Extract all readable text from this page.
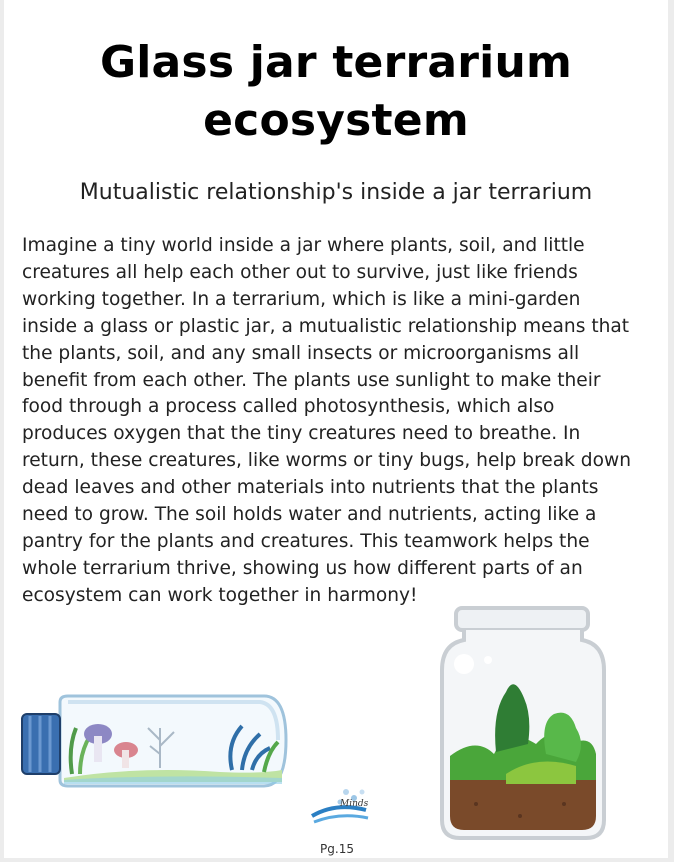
Glass jar terrarium
ecosystem
Mutualistic relationship's inside a jar terrarium
Imagine a tiny world inside a jar where plants, soil, and little
creatures all help each other out to survive, just like friends
working together. In a terrarium, which is like a mini-garden
inside a glass or plastic jar, a mutualistic relationship means that
the plants, soil, and any small insects or microorganisms all
benefit from each other. The plants use sunlight to make their
food through a process called photosynthesis, which also
produces oxygen that the tiny creatures need to breathe. In
return, these creatures, like worms or tiny bugs, help break down
dead leaves and other materials into nutrients that the plants
need to grow. The soil holds water and nutrients, acting like a
pantry for the plants and creatures. This teamwork helps the
whole terrarium thrive, showing us how different parts of an
ecosystem can work together in harmony!
Minds
Pg.15
